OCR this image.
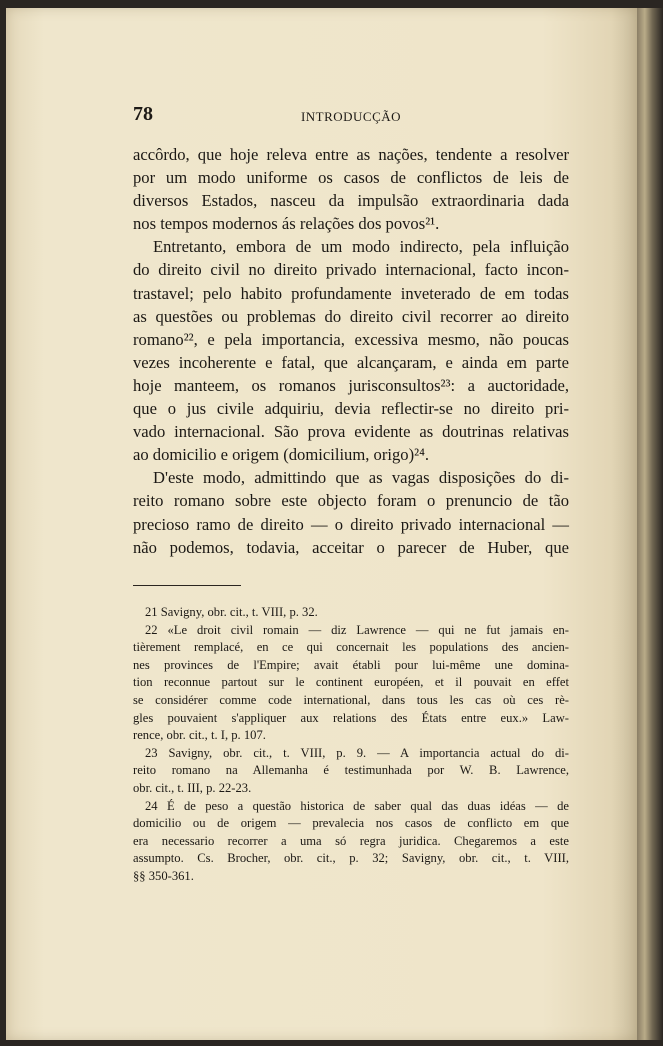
78	INTRODUCÇÃO
accôrdo, que hoje releva entre as nações, tendente a resolver
por um modo uniforme os casos de conflictos de leis de
diversos Estados, nasceu da impulsão extraordinaria dada
nos tempos modernos ás relações dos povos²¹.
Entretanto, embora de um modo indirecto, pela influição
do direito civil no direito privado internacional, facto incon-
trastavel; pelo habito profundamente inveterado de em todas
as questões ou problemas do direito civil recorrer ao direito
romano²², e pela importancia, excessiva mesmo, não poucas
vezes incoherente e fatal, que alcançaram, e ainda em parte
hoje manteem, os romanos jurisconsultos²³: a auctoridade,
que o jus civile adquiriu, devia reflectir-se no direito pri-
vado internacional. São prova evidente as doutrinas relativas
ao domicilio e origem (domicilium, origo)²⁴.
D'este modo, admittindo que as vagas disposições do di-
reito romano sobre este objecto foram o prenuncio de tão
precioso ramo de direito — o direito privado internacional —
não podemos, todavia, acceitar o parecer de Huber, que
21 Savigny, obr. cit., t. VIII, p. 32.
22 «Le droit civil romain — diz Lawrence — qui ne fut jamais en-
tièrement remplacé, en ce qui concernait les populations des ancien-
nes provinces de l'Empire; avait établi pour lui-même une domina-
tion reconnue partout sur le continent européen, et il pouvait en effet
se considérer comme code international, dans tous les cas où ces rè-
gles pouvaient s'appliquer aux relations des États entre eux.» Law-
rence, obr. cit., t. I, p. 107.
23 Savigny, obr. cit., t. VIII, p. 9. — A importancia actual do di-
reito romano na Allemanha é testimunhada por W. B. Lawrence,
obr. cit., t. III, p. 22-23.
24 É de peso a questão historica de saber qual das duas idéas — de
domicilio ou de origem — prevalecia nos casos de conflicto em que
era necessario recorrer a uma só regra juridica. Chegaremos a este
assumpto. Cs. Brocher, obr. cit., p. 32; Savigny, obr. cit., t. VIII,
§§ 350-361.
